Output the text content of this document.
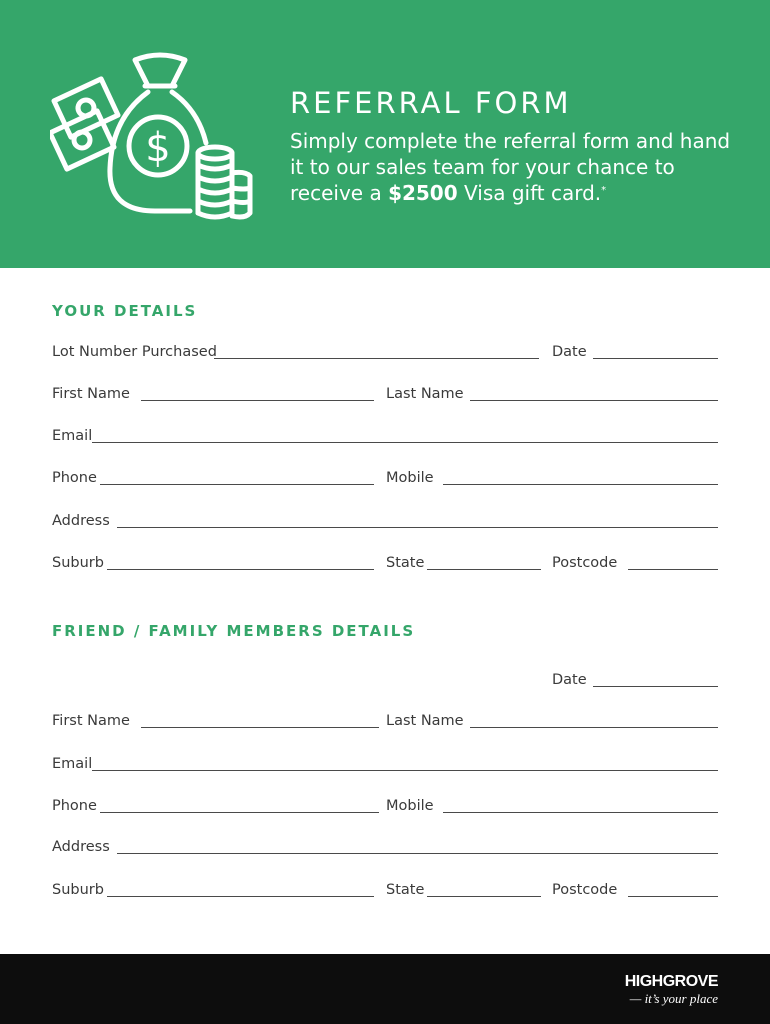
$
REFERRAL FORM
Simply complete the referral form and hand it to our sales team for your chance to receive a $2500 Visa gift card.*
YOUR DETAILS
Lot Number Purchased	Date
First Name	Last Name
Email
Phone	Mobile
Address
Suburb	State	Postcode
FRIEND / FAMILY MEMBERS DETAILS
Date
First Name	Last Name
Email
Phone	Mobile
Address
Suburb	State	Postcode
HIGHGROVE
— it’s your place
